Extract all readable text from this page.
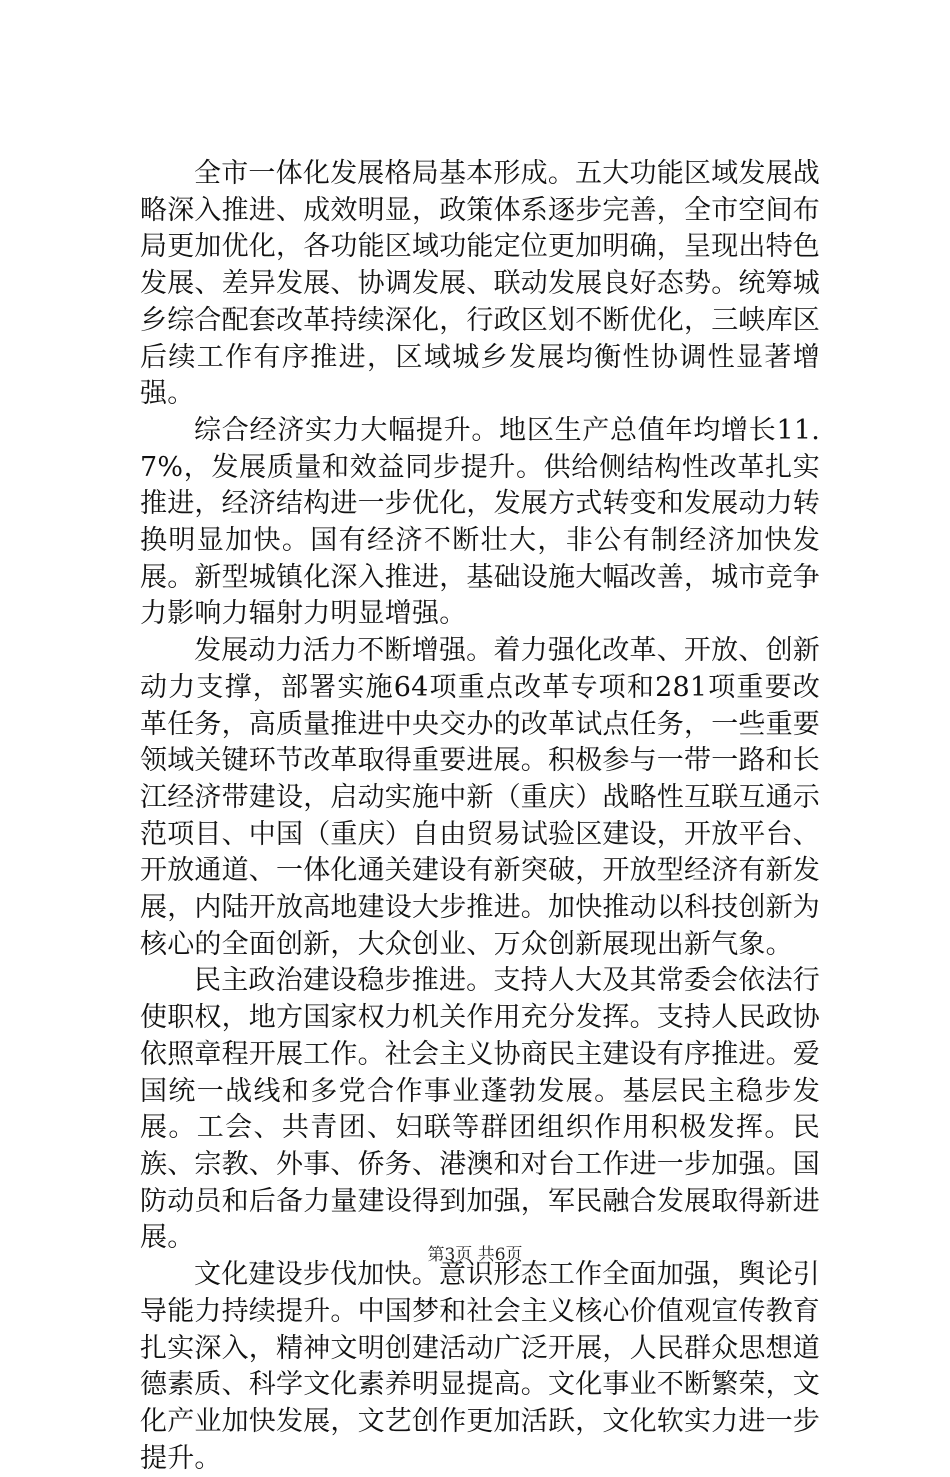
全市一体化发展格局基本形成。五大功能区域发展战略深入推进、成效明显，政策体系逐步完善，全市空间布局更加优化，各功能区域功能定位更加明确，呈现出特色发展、差异发展、协调发展、联动发展良好态势。统筹城乡综合配套改革持续深化，行政区划不断优化，三峡库区后续工作有序推进，区域城乡发展均衡性协调性显著增强。

综合经济实力大幅提升。地区生产总值年均增长11.7%，发展质量和效益同步提升。供给侧结构性改革扎实推进，经济结构进一步优化，发展方式转变和发展动力转换明显加快。国有经济不断壮大，非公有制经济加快发展。新型城镇化深入推进，基础设施大幅改善，城市竞争力影响力辐射力明显增强。

发展动力活力不断增强。着力强化改革、开放、创新动力支撑，部署实施64项重点改革专项和281项重要改革任务，高质量推进中央交办的改革试点任务，一些重要领域关键环节改革取得重要进展。积极参与一带一路和长江经济带建设，启动实施中新（重庆）战略性互联互通示范项目、中国（重庆）自由贸易试验区建设，开放平台、开放通道、一体化通关建设有新突破，开放型经济有新发展，内陆开放高地建设大步推进。加快推动以科技创新为核心的全面创新，大众创业、万众创新展现出新气象。

民主政治建设稳步推进。支持人大及其常委会依法行使职权，地方国家权力机关作用充分发挥。支持人民政协依照章程开展工作。社会主义协商民主建设有序推进。爱国统一战线和多党合作事业蓬勃发展。基层民主稳步发展。工会、共青团、妇联等群团组织作用积极发挥。民族、宗教、外事、侨务、港澳和对台工作进一步加强。国防动员和后备力量建设得到加强，军民融合发展取得新进展。

文化建设步伐加快。意识形态工作全面加强，舆论引导能力持续提升。中国梦和社会主义核心价值观宣传教育扎实深入，精神文明创建活动广泛开展，人民群众思想道德素质、科学文化素养明显提高。文化事业不断繁荣，文化产业加快发展，文艺创作更加活跃，文化软实力进一步提升。

第3页 共6页
